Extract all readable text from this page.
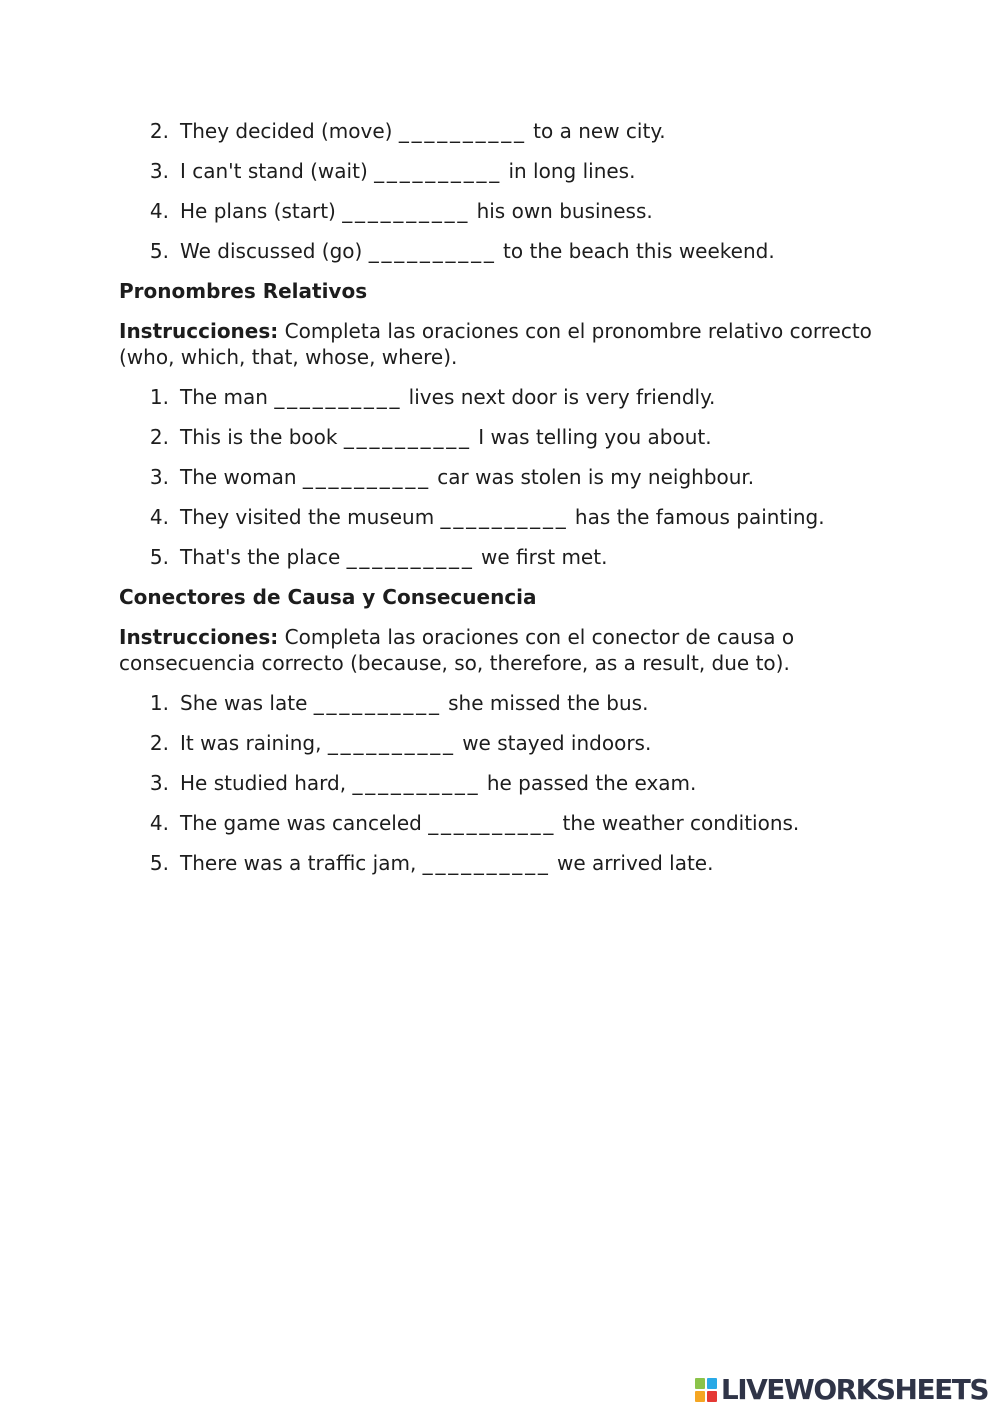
2. They decided (move) __________ to a new city.
3. I can't stand (wait) __________ in long lines.
4. He plans (start) __________ his own business.
5. We discussed (go) __________ to the beach this weekend.
Pronombres Relativos

Instrucciones: Completa las oraciones con el pronombre relativo correcto (who, which, that, whose, where).

1. The man __________ lives next door is very friendly.
2. This is the book __________ I was telling you about.
3. The woman __________ car was stolen is my neighbour.
4. They visited the museum __________ has the famous painting.
5. That's the place __________ we first met.
Conectores de Causa y Consecuencia

Instrucciones: Completa las oraciones con el conector de causa o consecuencia correcto (because, so, therefore, as a result, due to).

1. She was late __________ she missed the bus.
2. It was raining, __________ we stayed indoors.
3. He studied hard, __________ he passed the exam.
4. The game was canceled __________ the weather conditions.
5. There was a traffic jam, __________ we arrived late.
LIVEWORKSHEETS
